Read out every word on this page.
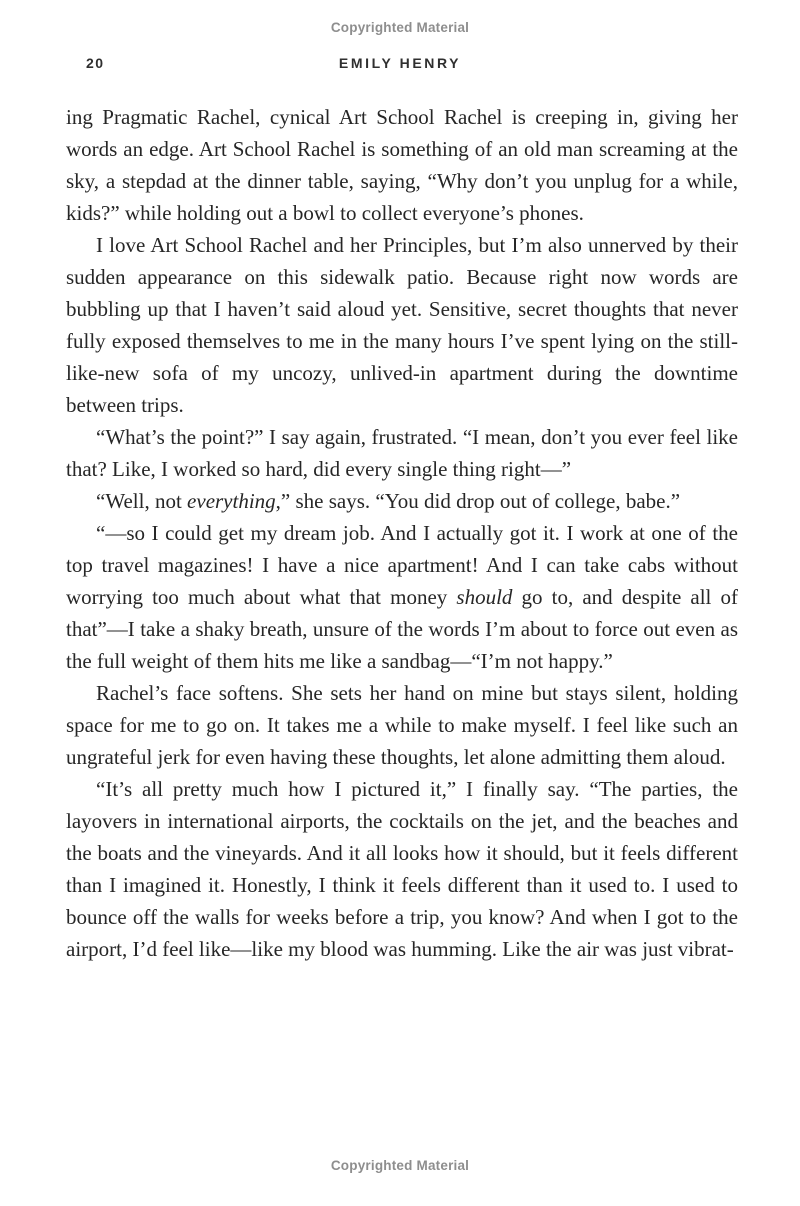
Copyrighted Material
20	EMILY HENRY

ing Pragmatic Rachel, cynical Art School Rachel is creeping in, giving her words an edge. Art School Rachel is something of an old man screaming at the sky, a stepdad at the dinner table, saying, “Why don’t you unplug for a while, kids?” while holding out a bowl to collect everyone’s phones.

I love Art School Rachel and her Principles, but I’m also unnerved by their sudden appearance on this sidewalk patio. Because right now words are bubbling up that I haven’t said aloud yet. Sensitive, secret thoughts that never fully exposed themselves to me in the many hours I’ve spent lying on the still-like-new sofa of my uncozy, unlived-in apartment during the downtime between trips.

“What’s the point?” I say again, frustrated. “I mean, don’t you ever feel like that? Like, I worked so hard, did every single thing right—”

“Well, not everything,” she says. “You did drop out of college, babe.”

“—so I could get my dream job. And I actually got it. I work at one of the top travel magazines! I have a nice apartment! And I can take cabs without worrying too much about what that money should go to, and despite all of that”—I take a shaky breath, unsure of the words I’m about to force out even as the full weight of them hits me like a sandbag—“I’m not happy.”

Rachel’s face softens. She sets her hand on mine but stays silent, holding space for me to go on. It takes me a while to make myself. I feel like such an ungrateful jerk for even having these thoughts, let alone admitting them aloud.

“It’s all pretty much how I pictured it,” I finally say. “The parties, the layovers in international airports, the cocktails on the jet, and the beaches and the boats and the vineyards. And it all looks how it should, but it feels different than I imagined it. Honestly, I think it feels different than it used to. I used to bounce off the walls for weeks before a trip, you know? And when I got to the airport, I’d feel like—like my blood was humming. Like the air was just vibrat-

Copyrighted Material
